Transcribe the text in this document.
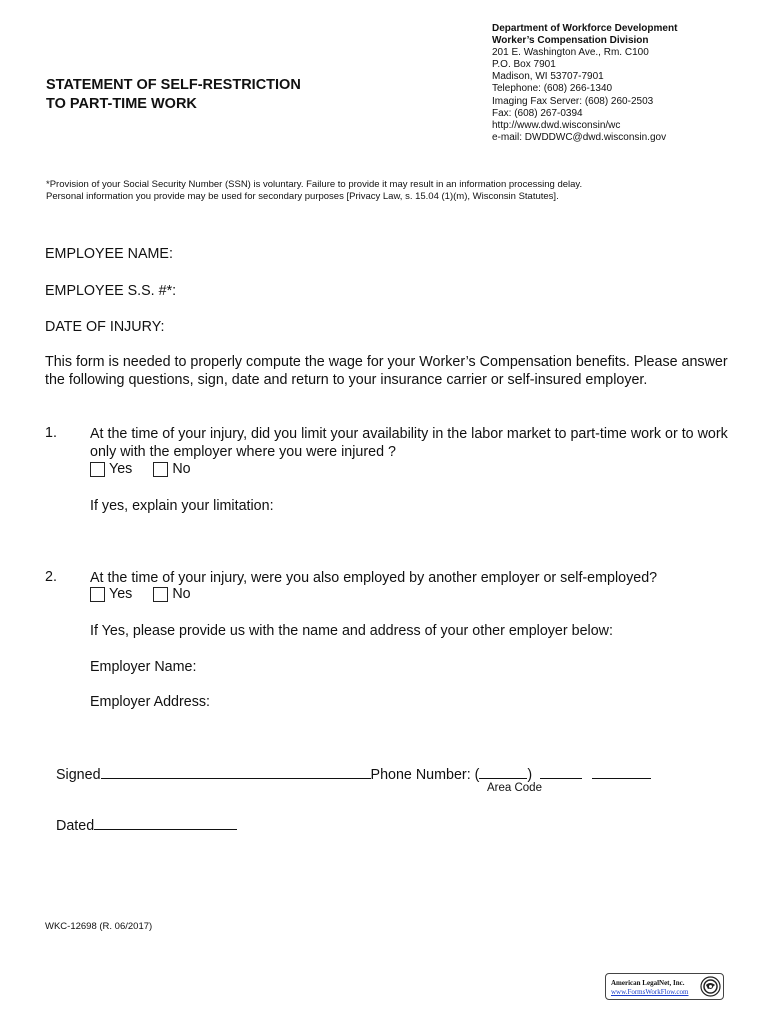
Department of Workforce Development
Worker’s Compensation Division
201 E. Washington Ave., Rm. C100
P.O. Box 7901
Madison, WI 53707-7901
Telephone: (608) 266-1340
Imaging Fax Server: (608) 260-2503
Fax: (608) 267-0394
http://www.dwd.wisconsin/wc
e-mail: DWDDWC@dwd.wisconsin.gov
STATEMENT OF SELF-RESTRICTION
TO PART-TIME WORK
*Provision of your Social Security Number (SSN) is voluntary. Failure to provide it may result in an information processing delay.
Personal information you provide may be used for secondary purposes [Privacy Law, s. 15.04 (1)(m), Wisconsin Statutes].
EMPLOYEE NAME:
EMPLOYEE S.S. #*:
DATE OF INJURY:
This form is needed to properly compute the wage for your Worker’s Compensation benefits. Please answer the following questions, sign, date and return to your insurance carrier or self-insured employer.
1. At the time of your injury, did you limit your availability in the labor market to part-time work or to work only with the employer where you were injured ?
Yes	No
If yes, explain your limitation:
2. At the time of your injury, were you also employed by another employer or self-employed?
Yes	No
If Yes, please provide us with the name and address of your other employer below:
Employer Name:
Employer Address:
Signed	Phone Number: (	)
Area Code
Dated
WKC-12698 (R. 06/2017)
American LegalNet, Inc.
www.FormsWorkFlow.com
